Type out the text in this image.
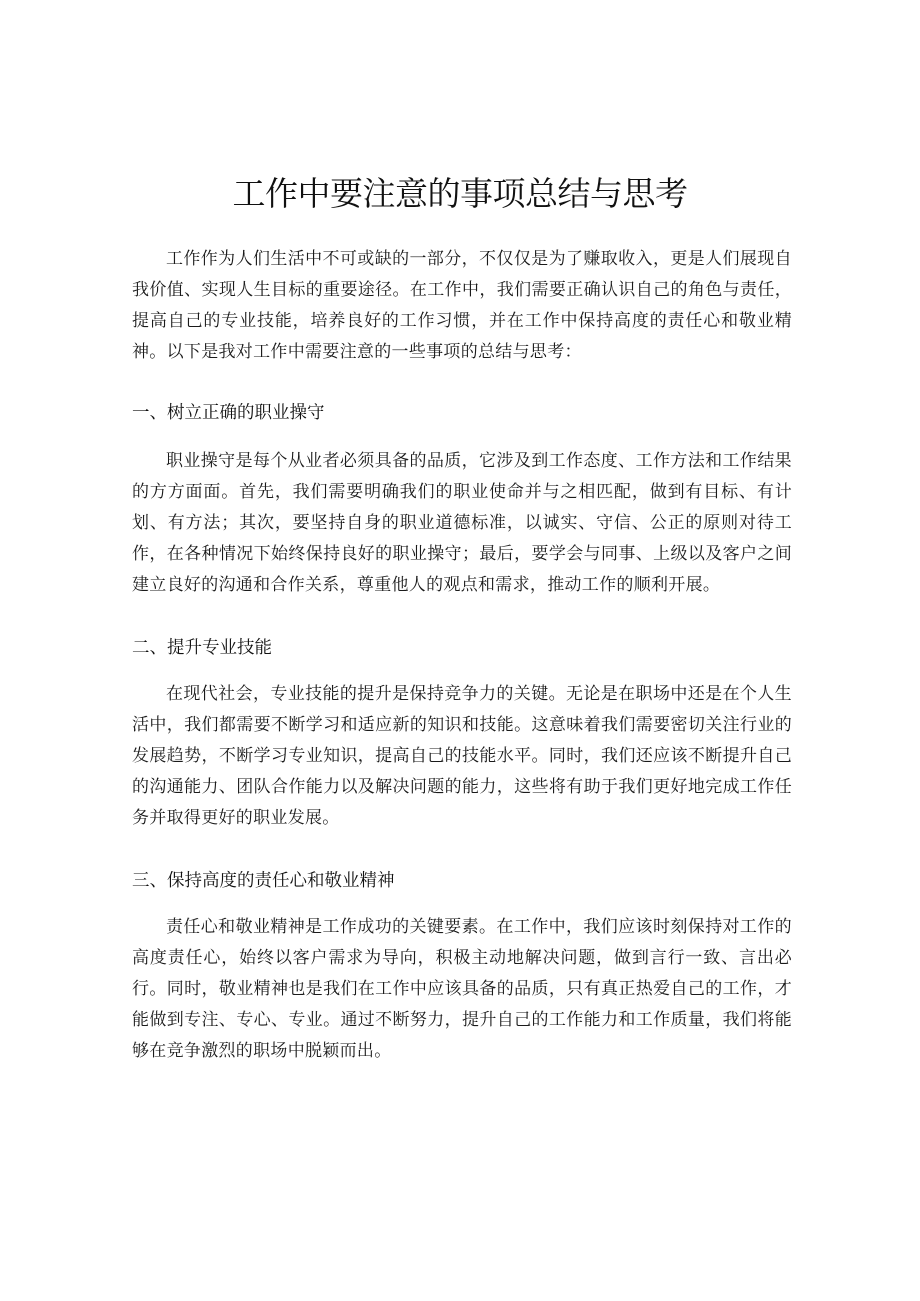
工作中要注意的事项总结与思考

工作作为人们生活中不可或缺的一部分，不仅仅是为了赚取收入，更是人们展现自我价值、实现人生目标的重要途径。在工作中，我们需要正确认识自己的角色与责任，提高自己的专业技能，培养良好的工作习惯，并在工作中保持高度的责任心和敬业精神。以下是我对工作中需要注意的一些事项的总结与思考：

一、树立正确的职业操守

职业操守是每个从业者必须具备的品质，它涉及到工作态度、工作方法和工作结果的方方面面。首先，我们需要明确我们的职业使命并与之相匹配，做到有目标、有计划、有方法；其次，要坚持自身的职业道德标准，以诚实、守信、公正的原则对待工作，在各种情况下始终保持良好的职业操守；最后，要学会与同事、上级以及客户之间建立良好的沟通和合作关系，尊重他人的观点和需求，推动工作的顺利开展。

二、提升专业技能

在现代社会，专业技能的提升是保持竞争力的关键。无论是在职场中还是在个人生活中，我们都需要不断学习和适应新的知识和技能。这意味着我们需要密切关注行业的发展趋势，不断学习专业知识，提高自己的技能水平。同时，我们还应该不断提升自己的沟通能力、团队合作能力以及解决问题的能力，这些将有助于我们更好地完成工作任务并取得更好的职业发展。

三、保持高度的责任心和敬业精神

责任心和敬业精神是工作成功的关键要素。在工作中，我们应该时刻保持对工作的高度责任心，始终以客户需求为导向，积极主动地解决问题，做到言行一致、言出必行。同时，敬业精神也是我们在工作中应该具备的品质，只有真正热爱自己的工作，才能做到专注、专心、专业。通过不断努力，提升自己的工作能力和工作质量，我们将能够在竞争激烈的职场中脱颖而出。
